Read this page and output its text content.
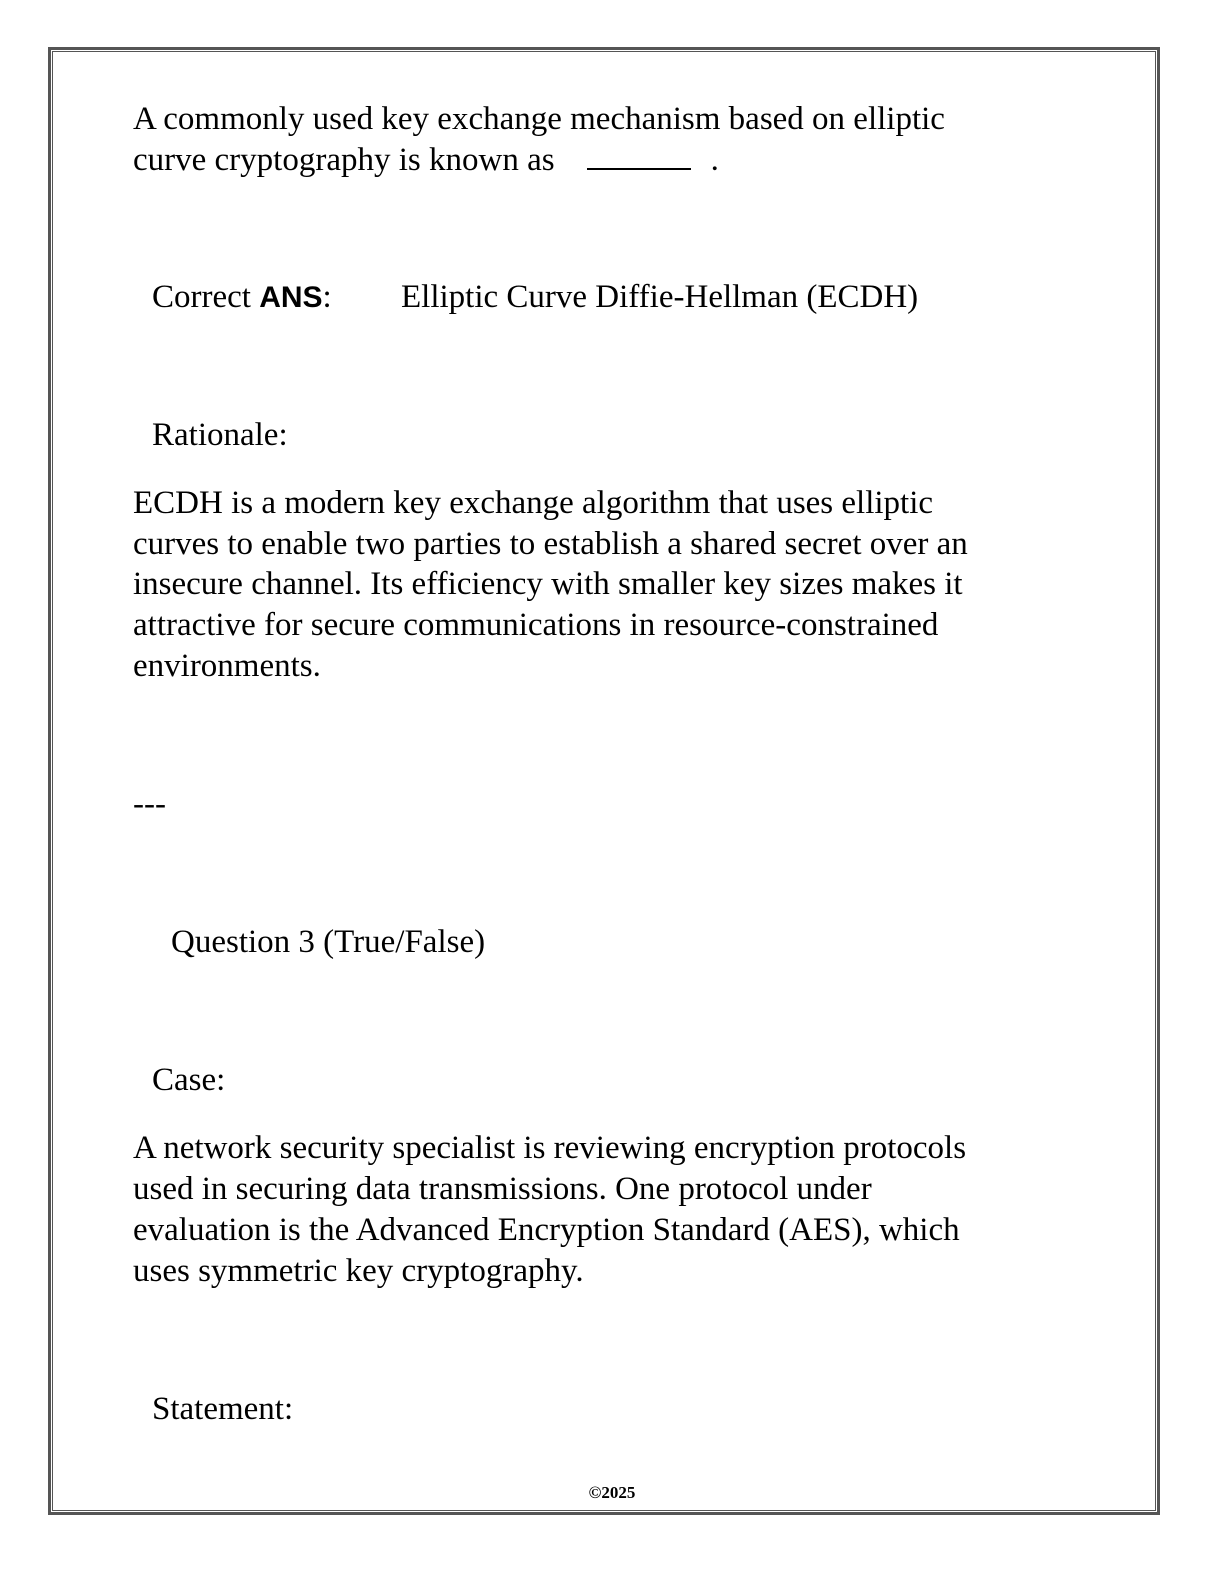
A commonly used key exchange mechanism based on elliptic
curve cryptography is known as	.
Correct ANS: Elliptic Curve Diffie-Hellman (ECDH)
Rationale:
ECDH is a modern key exchange algorithm that uses elliptic
curves to enable two parties to establish a shared secret over an
insecure channel. Its efficiency with smaller key sizes makes it
attractive for secure communications in resource-constrained
environments.
---
Question 3 (True/False)
Case:
A network security specialist is reviewing encryption protocols
used in securing data transmissions. One protocol under
evaluation is the Advanced Encryption Standard (AES), which
uses symmetric key cryptography.
Statement:
©2025
